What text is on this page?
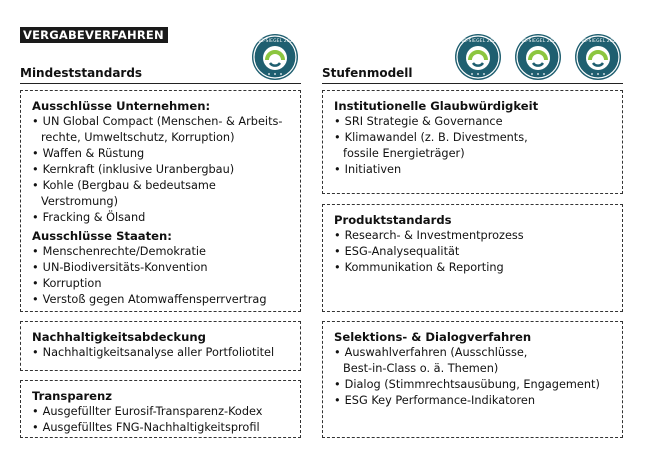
VERGABEVERFAHREN	FNG-SIEGEL 2021	FNG-SIEGEL 2021	FNG-SIEGEL 2021	FNG-SIEGEL 2021
Mindeststandards	Stufenmodell
Ausschlüsse Unternehmen:
• UN Global Compact (Menschen- & Arbeits-
rechte, Umweltschutz, Korruption)
• Waffen & Rüstung
• Kernkraft (inklusive Uranbergbau)
• Kohle (Bergbau & bedeutsame Verstromung)
• Fracking & Ölsand
Ausschlüsse Staaten:
• Menschenrechte/Demokratie
• UN-Biodiversitäts-Konvention
• Korruption
• Verstoß gegen Atomwaffensperrvertrag
Nachhaltigkeitsabdeckung
• Nachhaltigkeitsanalyse aller Portfoliotitel
Transparenz
• Ausgefüllter Eurosif-Transparenz-Kodex
• Ausgefülltes FNG-Nachhaltigkeitsprofil
Institutionelle Glaubwürdigkeit
• SRI Strategie & Governance
• Klimawandel (z. B. Divestments,
fossile Energieträger)
• Initiativen
Produktstandards
• Research- & Investmentprozess
• ESG-Analysequalität
• Kommunikation & Reporting
Selektions- & Dialogverfahren
• Auswahlverfahren (Ausschlüsse,
Best-in-Class o. ä. Themen)
• Dialog (Stimmrechtsausübung, Engagement)
• ESG Key Performance-Indikatoren
